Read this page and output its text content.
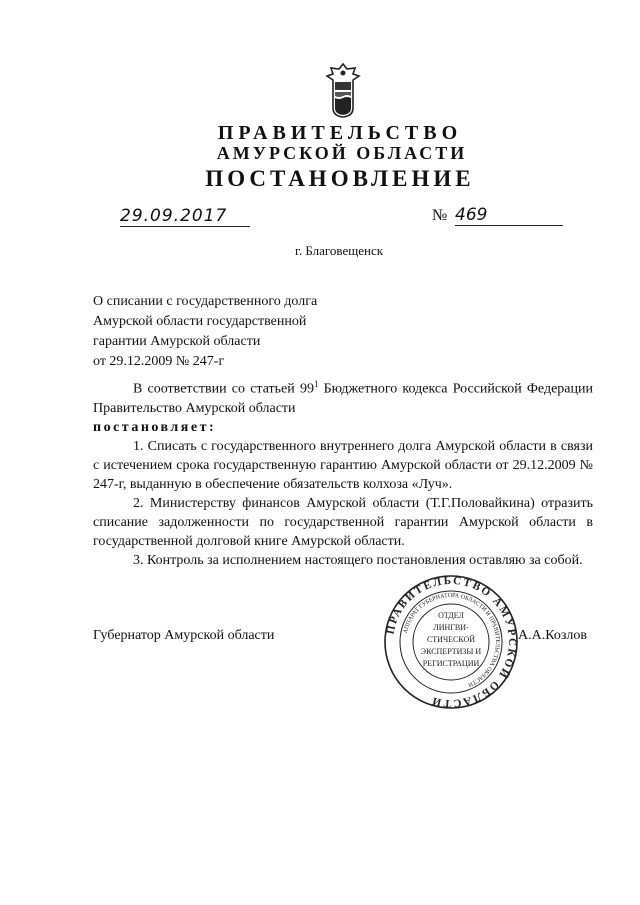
ПРАВИТЕЛЬСТВО
АМУРСКОЙ ОБЛАСТИ
ПОСТАНОВЛЕНИЕ
29.09.2017	№ 469
г. Благовещенск
О списании с государственного долга
Амурской области государственной
гарантии Амурской области
от 29.12.2009 № 247-г

В соответствии со статьей $99^1$ Бюджетного кодекса Российской Федерации Правительство Амурской области

постановляет:

1. Списать с государственного внутреннего долга Амурской области в связи с истечением срока государственную гарантию Амурской области от 29.12.2009 № 247-г, выданную в обеспечение обязательств колхоза «Луч».

2. Министерству финансов Амурской области (Т.Г.Половайкина) отразить списание задолженности по государственной гарантии Амурской области в государственной долговой книге Амурской области.

3. Контроль за исполнением настоящего постановления оставляю за собой.

Губернатор Амурской области	ПРАВИТЕЛЬСТВО АМУРСКОЙ ОБЛАСТИ
АППАРАТ ГУБЕРНАТОРА ОБЛАСТИ И ПРАВИТЕЛЬСТВА ОБЛАСТИ
ОТДЕЛ
ЛИНГВИ-
СТИЧЕСКОЙ
ЭКСПЕРТИЗЫ И
РЕГИСТРАЦИИ
А.А.Козлов
